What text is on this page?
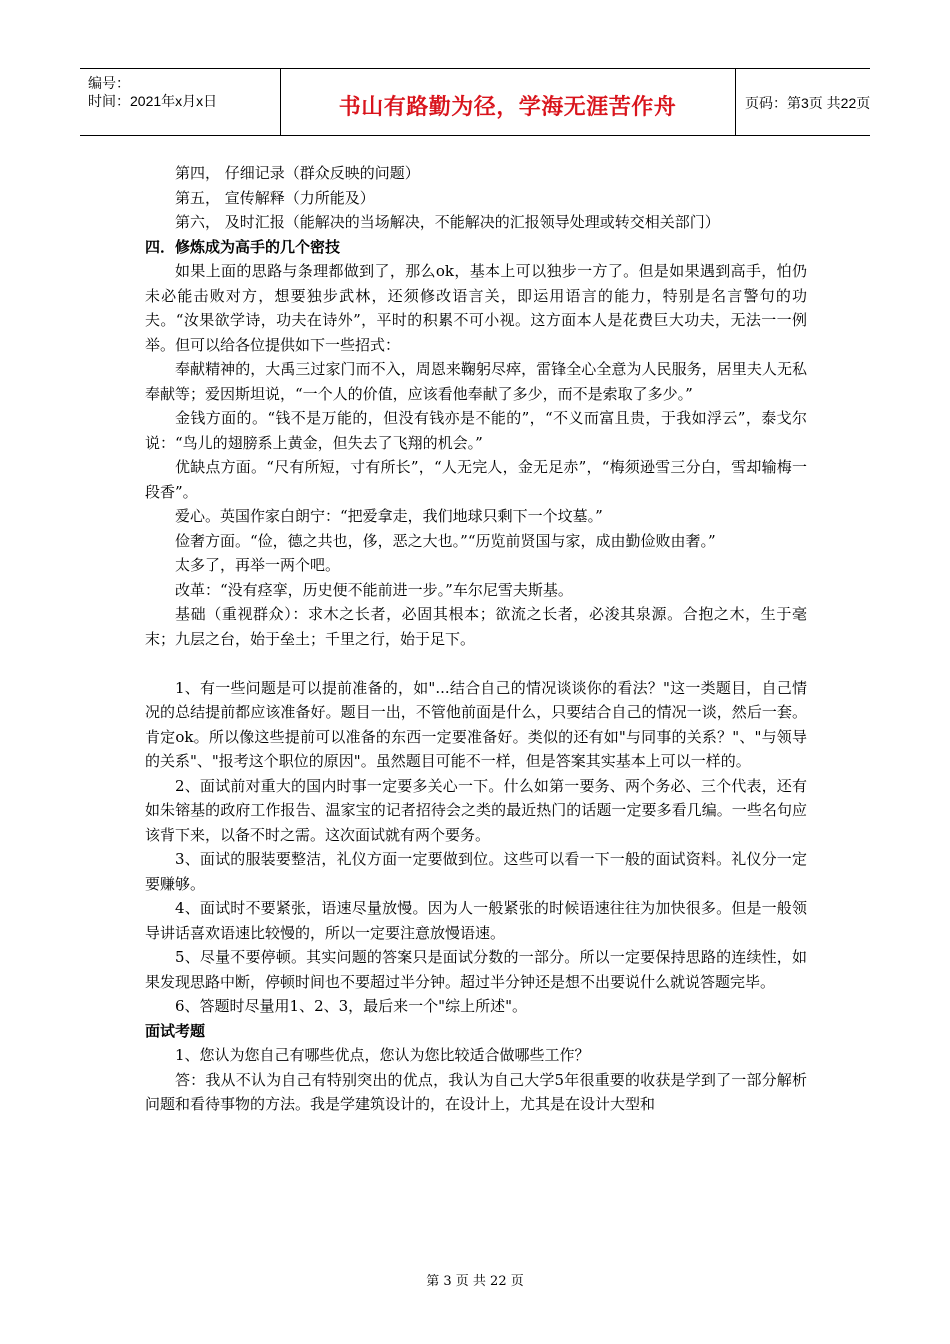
编号：
时间：2021年x月x日	书山有路勤为径，学海无涯苦作舟	页码：第3页 共22页

第四， 仔细记录（群众反映的问题）

第五， 宣传解释（力所能及）

第六， 及时汇报（能解决的当场解决，不能解决的汇报领导处理或转交相关部门）

四．修炼成为高手的几个密技

如果上面的思路与条理都做到了，那么ok，基本上可以独步一方了。但是如果遇到高手，怕仍未必能击败对方，想要独步武林，还须修改语言关，即运用语言的能力，特别是名言警句的功夫。“汝果欲学诗，功夫在诗外”，平时的积累不可小视。这方面本人是花费巨大功夫，无法一一例举。但可以给各位提供如下一些招式：

奉献精神的，大禹三过家门而不入，周恩来鞠躬尽瘁，雷锋全心全意为人民服务，居里夫人无私奉献等；爱因斯坦说，“一个人的价值，应该看他奉献了多少，而不是索取了多少。”

金钱方面的。“钱不是万能的，但没有钱亦是不能的”，“不义而富且贵，于我如浮云”，泰戈尔说：“鸟儿的翅膀系上黄金，但失去了飞翔的机会。”

优缺点方面。“尺有所短，寸有所长”，“人无完人，金无足赤”，“梅须逊雪三分白，雪却输梅一段香”。

爱心。英国作家白朗宁：“把爱拿走，我们地球只剩下一个坟墓。”

俭奢方面。“俭，德之共也，侈，恶之大也。”“历览前贤国与家，成由勤俭败由奢。”

太多了，再举一两个吧。

改革：“没有痉挛，历史便不能前进一步。”车尔尼雪夫斯基。

基础（重视群众）：求木之长者，必固其根本；欲流之长者，必浚其泉源。合抱之木，生于毫末；九层之台，始于垒土；千里之行，始于足下。

1、有一些问题是可以提前准备的，如"...结合自己的情况谈谈你的看法？"这一类题目，自己情况的总结提前都应该准备好。题目一出，不管他前面是什么，只要结合自己的情况一谈，然后一套。肯定ok。所以像这些提前可以准备的东西一定要准备好。类似的还有如"与同事的关系？"、"与领导的关系"、"报考这个职位的原因"。虽然题目可能不一样，但是答案其实基本上可以一样的。

2、面试前对重大的国内时事一定要多关心一下。什么如第一要务、两个务必、三个代表，还有如朱镕基的政府工作报告、温家宝的记者招待会之类的最近热门的话题一定要多看几编。一些名句应该背下来，以备不时之需。这次面试就有两个要务。

3、面试的服装要整洁，礼仪方面一定要做到位。这些可以看一下一般的面试资料。礼仪分一定要赚够。

4、面试时不要紧张，语速尽量放慢。因为人一般紧张的时候语速往往为加快很多。但是一般领导讲话喜欢语速比较慢的，所以一定要注意放慢语速。

5、尽量不要停顿。其实问题的答案只是面试分数的一部分。所以一定要保持思路的连续性，如果发现思路中断，停顿时间也不要超过半分钟。超过半分钟还是想不出要说什么就说答题完毕。

6、答题时尽量用1、2、3，最后来一个"综上所述"。

面试考题

1、您认为您自己有哪些优点，您认为您比较适合做哪些工作？

答：我从不认为自己有特别突出的优点，我认为自己大学5年很重要的收获是学到了一部分解析问题和看待事物的方法。我是学建筑设计的，在设计上，尤其是在设计大型和

第 3 页 共 22 页
